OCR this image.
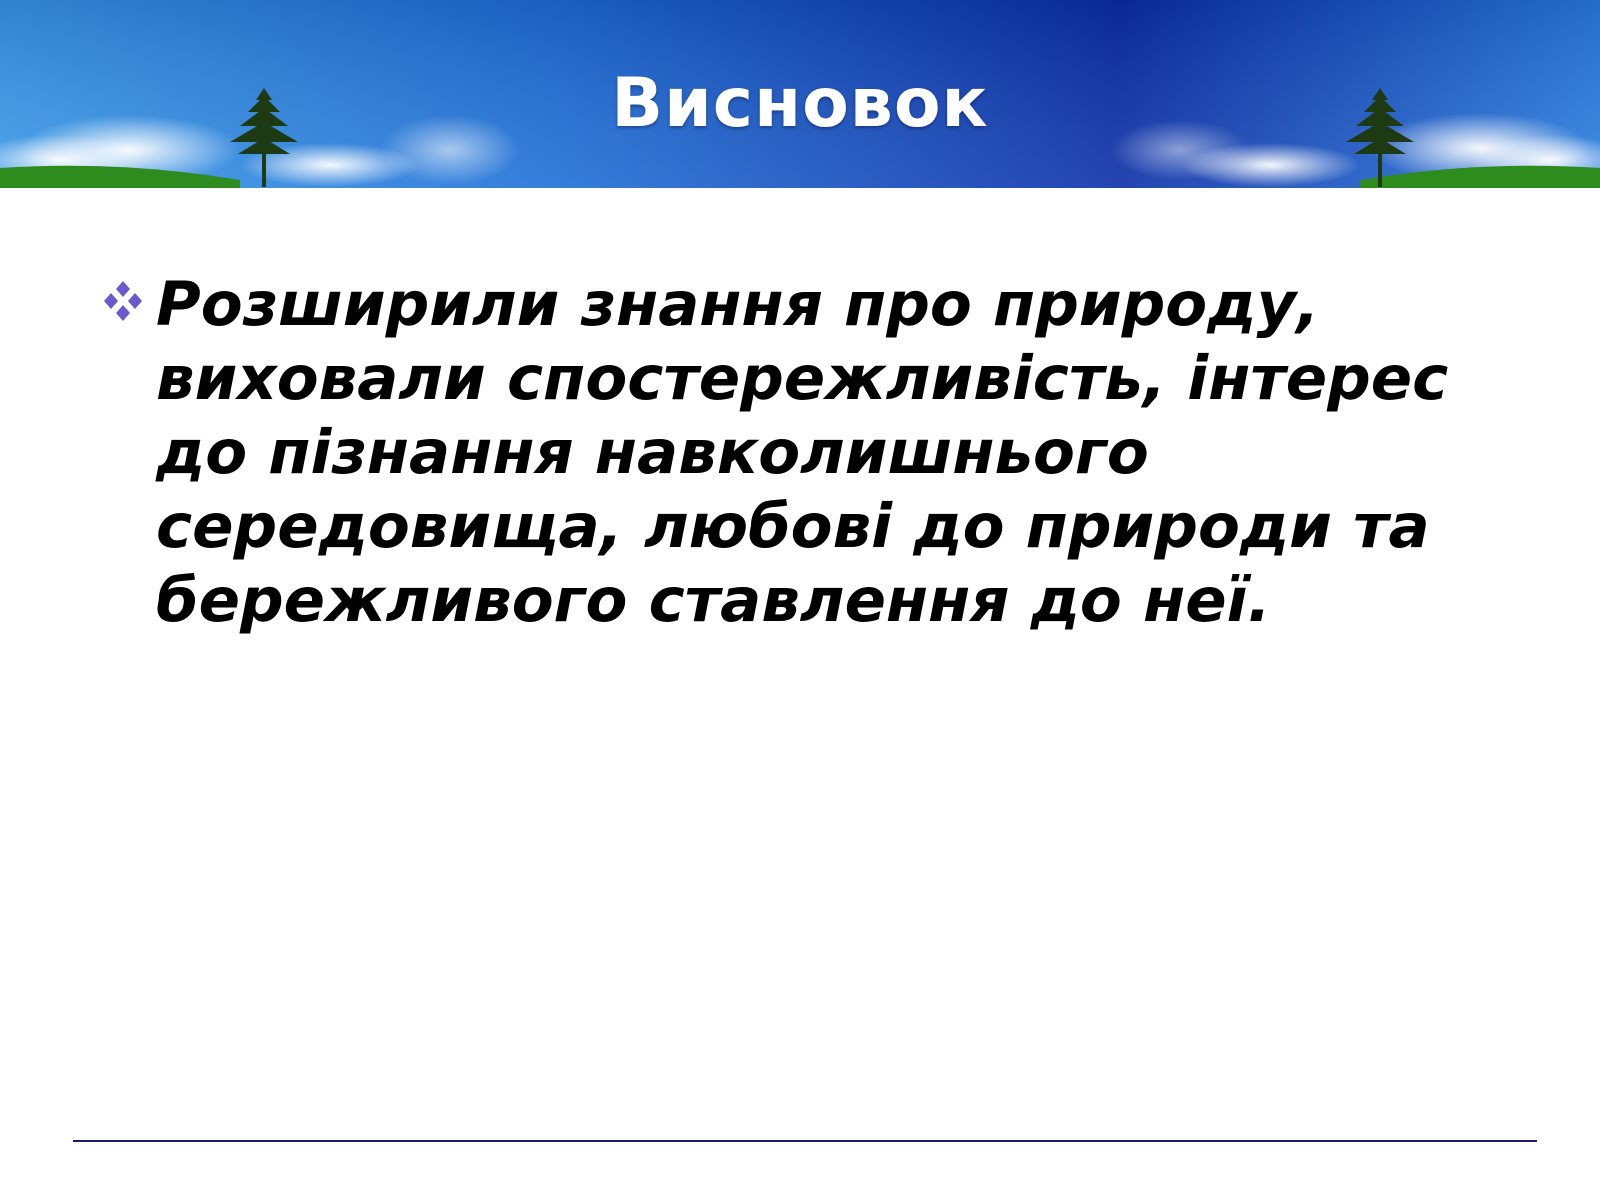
Висновок
Розширили знання про природу, виховали спостережливість, інтерес до пізнання навколишнього середовища, любові до природи та бережливого ставлення до неї.
